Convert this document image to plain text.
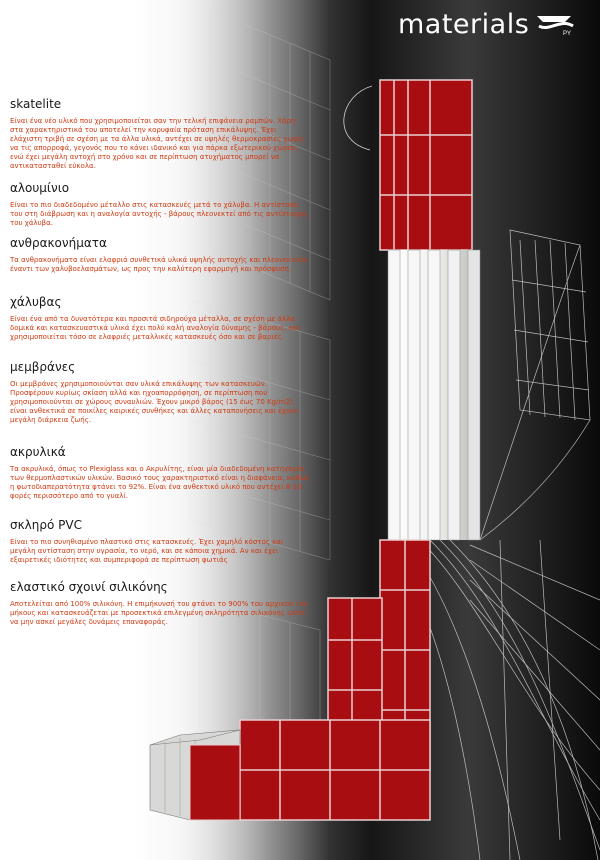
materials	PY
skatelite

Είναι ένα νέο υλικό που χρησιμοποιείται σαν την τελική επιφάνεια ραμπών. Χάρη στα χαρακτηριστικά του αποτελεί την κορυφαία πρόταση επικάλυψης. Έχει ελάχιστη τριβή σε σχέση με τα άλλα υλικά, αντέχει σε υψηλές θερμοκρασίες χωρίς να τις απορροφά, γεγονός που το κάνει ιδανικό και για πάρκα εξωτερικού χώρου, ενώ έχει μεγάλη αντοχή στο χρόνο και σε περίπτωση ατυχήματος μπορεί να αντικατασταθεί εύκολα.

αλουμίνιο

Είναι το πιο διαδεδομένο μέταλλο στις κατασκευές μετά το χάλυβα. Η αντίσταση του στη διάβρωση και η αναλογία αντοχής - βάρους πλεονεκτεί από τις αντίστοιχες του χάλυβα.

ανθρακονήματα

Τα ανθρακονήματα είναι ελαφριά συνθετικά υλικά υψηλής αντοχής και πλεονεκτούν έναντι των χαλυβοελασμάτων, ως προς την καλύτερη εφαρμογή και πρόσφυση.

χάλυβας

Είναι ένα από τα δυνατότερα και προσιτά σιδηρούχα μέταλλα, σε σχέση με άλλα δομικά και κατασκευαστικά υλικά έχει πολύ καλή αναλογία δύναμης - βάρους, και χρησιμοποιείται τόσο σε ελαφριές μεταλλικές κατασκευές όσο και σε βαριές.

μεμβράνες

Οι μεμβράνες χρησιμοποιούνται σαν υλικά επικάλυψης των κατασκευών. Προσφέρουν κυρίως σκίαση αλλά και ηχοαπορρόφηση, σε περίπτωση που χρησιμοποιούνται σε χώρους συναυλιών. Έχουν μικρό βάρος (15 έως 70 Kg/m2), είναι ανθεκτικά σε ποικίλες καιρικές συνθήκες και άλλες καταπονήσεις και έχουν μεγάλη διάρκεια ζωής.

ακρυλικά

Τα ακρυλικά, όπως το Plexiglass και ο Ακρυλίτης, είναι μία διαδεδομένη κατηγορία των θερμοπλαστικών υλικών. Βασικό τους χαρακτηριστικό είναι η διαφάνεια, καθώς η φωτοδιαπερατότητα φτάνει το 92%. Είναι ένα ανθεκτικό υλικό που αντέχει 8-10 φορές περισσότερο από το γυαλί.

σκληρό PVC

Είναι το πιο συνηθισμένο πλαστικό στις κατασκευές. Έχει χαμηλό κόστος και μεγάλη αντίσταση στην υγρασία, το νερό, και σε κάποια χημικά. Αν και έχει εξαιρετικές ιδιότητες και συμπεριφορά σε περίπτωση φωτιάς

ελαστικό σχοινί σιλικόνης

Αποτελείται από 100% σιλικόνη. Η επιμήκυνσή του φτάνει το 900% του αρχικού του μήκους και κατασκευάζεται με προσεκτικά επιλεγμένη σκληρότητα σιλικόνης ώστε να μην ασκεί μεγάλες δυνάμεις επαναφοράς.
